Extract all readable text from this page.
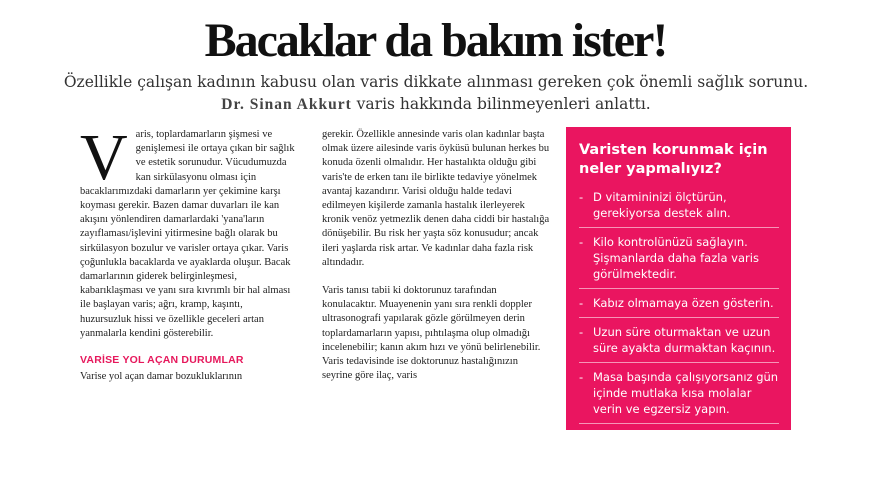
Bacaklar da bakım ister!
Özellikle çalışan kadının kabusu olan varis dikkate alınması gereken çok önemli sağlık sorunu. Dr. Sinan Akkurt varis hakkında bilinmeyenleri anlattı.
V aris, toplardamarların şişmesi ve genişlemesi ile ortaya çıkan bir sağlık ve estetik sorunudur. Vücudumuzda kan sirkülasyonu olması için bacaklarımızdaki damarların yer çekimine karşı koyması gerekir. Bazen damar duvarları ile kan akışını yönlendiren damarlardaki 'yana'ların zayıflaması/işlevini yitirmesine bağlı olarak bu sirkülasyon bozulur ve varisler ortaya çıkar. Varis çoğunlukla bacaklarda ve ayaklarda oluşur. Bacak damarlarının giderek belirginleşmesi, kabarıklaşması ve yanı sıra kıvrımlı bir hal alması ile başlayan varis; ağrı, kramp, kaşıntı, huzursuzluk hissi ve özellikle geceleri artan yanmalarla kendini gösterebilir.

VARİSE YOL AÇAN DURUMLAR

Varise yol açan damar bozukluklarının

gerekir. Özellikle annesinde varis olan kadınlar başta olmak üzere ailesinde varis öyküsü bulunan herkes bu konuda özenli olmalıdır. Her hastalıkta olduğu gibi varis'te de erken tanı ile birlikte tedaviye yönelmek avantaj kazandırır. Varisi olduğu halde tedavi edilmeyen kişilerde zamanla hastalık ilerleyerek kronik venöz yetmezlik denen daha ciddi bir hastalığa dönüşebilir. Bu risk her yaşta söz konusudur; ancak ileri yaşlarda risk artar. Ve kadınlar daha fazla risk altındadır.

Varis tanısı tabii ki doktorunuz tarafından konulacaktır. Muayenenin yanı sıra renkli doppler ultrasonografi yapılarak gözle görülmeyen derin toplardamarların yapısı, pıhtılaşma olup olmadığı incelenebilir; kanın akım hızı ve yönü belirlenebilir. Varis tedavisinde ise doktorunuz hastalığınızın seyrine göre ilaç, varis

Varisten korunmak için neler yapmalıyız?
- D vitamininizi ölçtürün, gerekiyorsa destek alın.
- Kilo kontrolünüzü sağlayın. Şişmanlarda daha fazla varis görülmektedir.
- Kabız olmamaya özen gösterin.
- Uzun süre oturmaktan ve uzun süre ayakta durmaktan kaçının.
- Masa başında çalışıyorsanız gün içinde mutlaka kısa molalar verin ve egzersiz yapın.
- Topuklu ayakkabı kullanımını en aza indirgeyin ve özellikle yürürken rahat tabanlıklı bir
